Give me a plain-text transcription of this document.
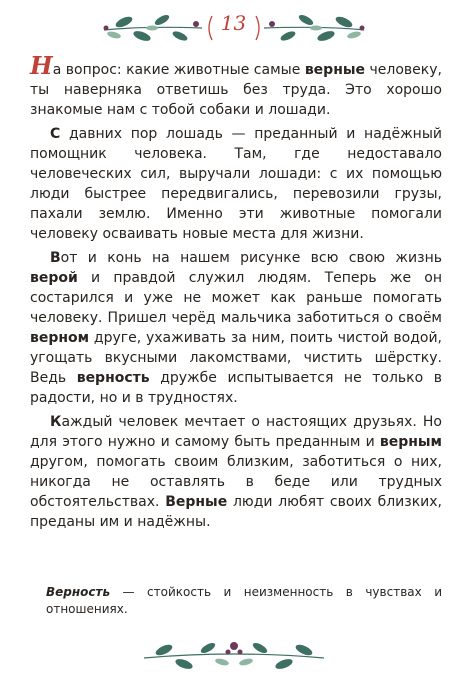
13

На вопрос: какие животные самые верные человеку, ты наверняка ответишь без труда. Это хорошо знакомые нам с тобой собаки и лошади.

С давних пор лошадь — преданный и надёжный помощник человека. Там, где недоставало человеческих сил, выручали лошади: с их помощью люди быстрее передвигались, перевозили грузы, пахали землю. Именно эти животные помогали человеку осваивать новые места для жизни.

Вот и конь на нашем рисунке всю свою жизнь верой и правдой служил людям. Теперь же он состарился и уже не может как раньше помогать человеку. Пришел черёд мальчика заботиться о своём верном друге, ухаживать за ним, поить чистой водой, угощать вкусными лакомствами, чистить шёрстку. Ведь верность дружбе испытывается не только в радости, но и в трудностях.

Каждый человек мечтает о настоящих друзьях. Но для этого нужно и самому быть преданным и верным другом, помогать своим близким, заботиться о них, никогда не оставлять в беде или трудных обстоятельствах. Верные люди любят своих близких, преданы им и надёжны.

Верность — стойкость и неизменность в чувствах и отношениях.
